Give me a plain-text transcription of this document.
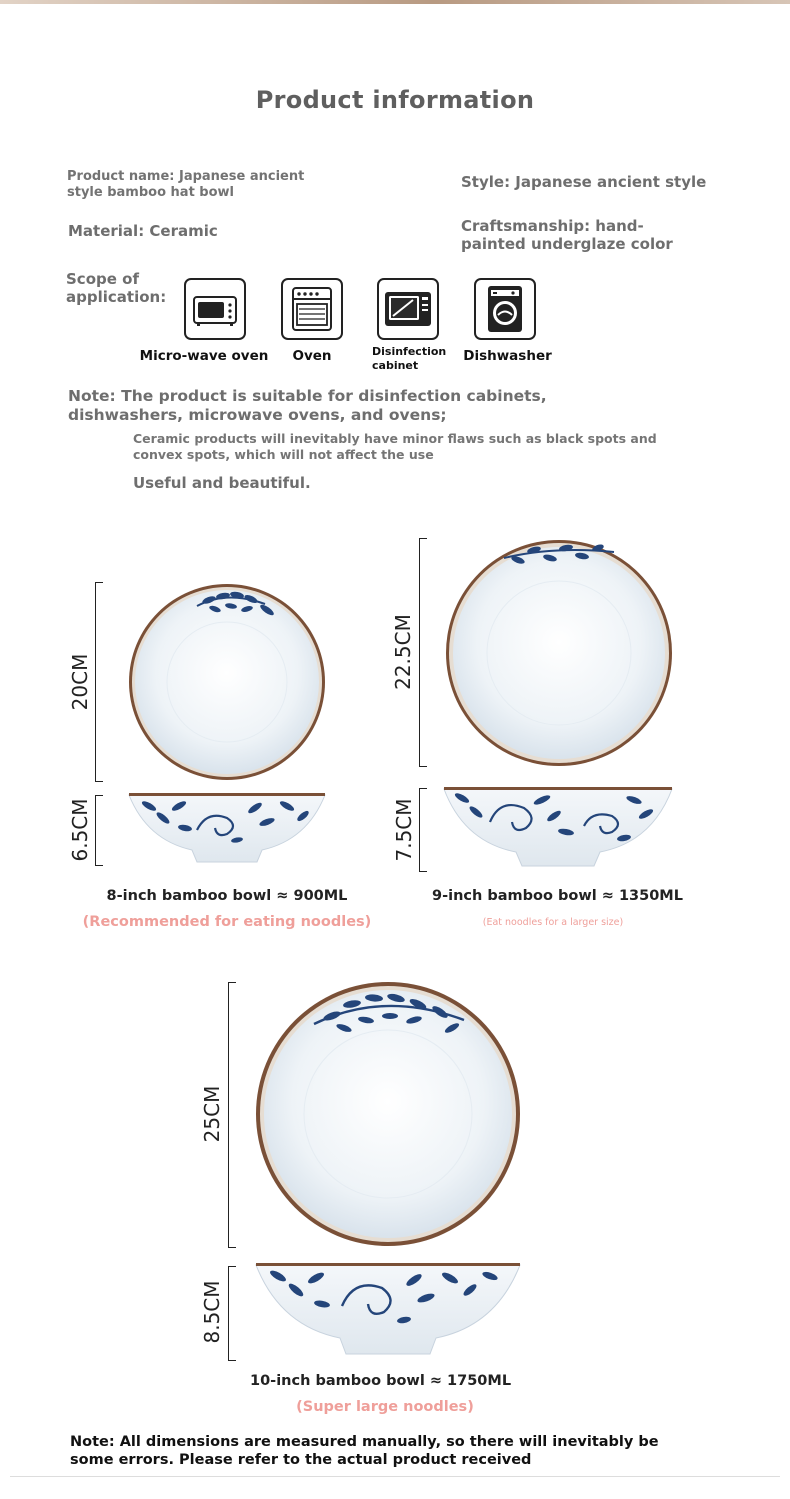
Product information
Product name: Japanese ancient style bamboo hat bowl
Style: Japanese ancient style
Material: Ceramic	Craftsmanship: hand-painted underglaze color
Scope of application:
Micro-wave oven	Oven	Disinfection cabinet
Dishwasher
Note: The product is suitable for disinfection cabinets, dishwashers, microwave ovens, and ovens;
Ceramic products will inevitably have minor flaws such as black spots and convex spots, which will not affect the use
Useful and beautiful.
20CM
6.5CM
8-inch bamboo bowl ≈ 900ML
(Recommended for eating noodles)
22.5CM
7.5CM
9-inch bamboo bowl ≈ 1350ML
(Eat noodles for a larger size)
25CM
8.5CM
10-inch bamboo bowl ≈ 1750ML
(Super large noodles)
Note: All dimensions are measured manually, so there will inevitably be some errors. Please refer to the actual product received
